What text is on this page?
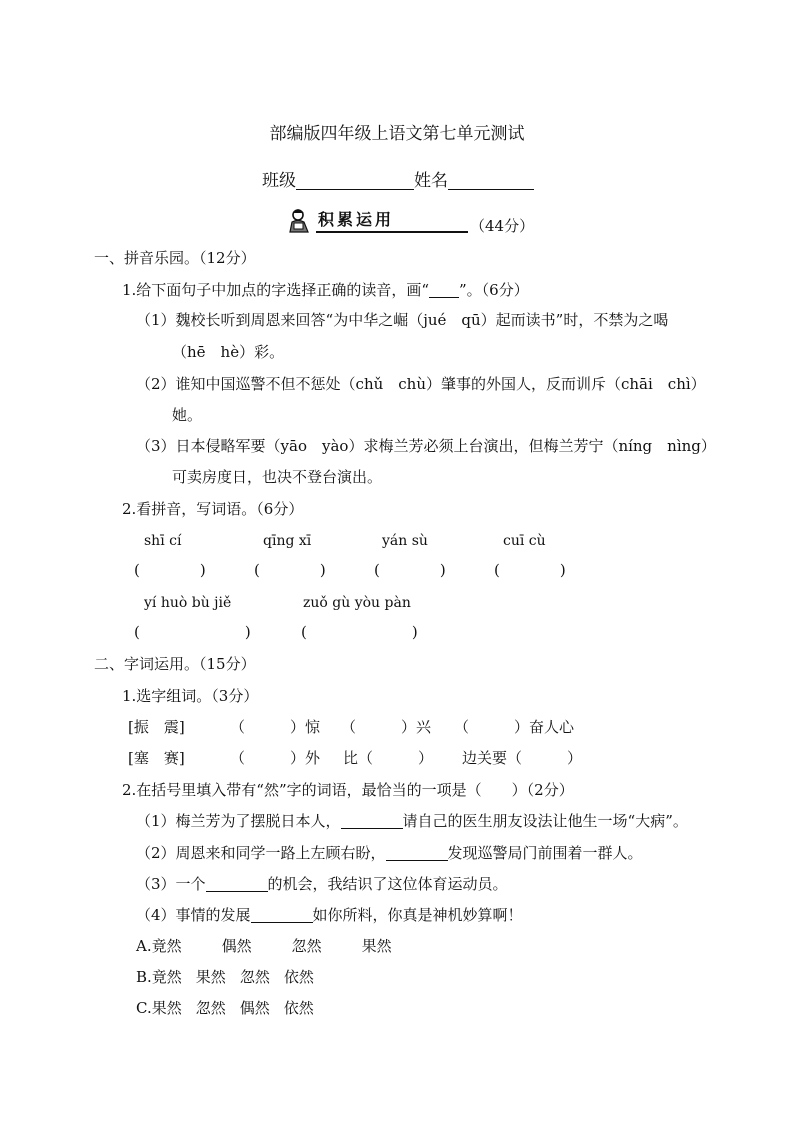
部编版四年级上语文第七单元测试
班级	姓名
积累运用	（44分）
一、拼音乐园。（12分）
1.给下面句子中加点的字选择正确的读音，画“ ”。（6分）
（1）魏校长听到周恩来回答“为中华之崛（jué　qū）起而读书”时，不禁为之喝
（hē　hè）彩。
（2）谁知中国巡警不但不惩处（chǔ　chù）肇事的外国人，反而训斥（chāi　chì）
她。
（3）日本侵略军要（yāo　yào）求梅兰芳必须上台演出，但梅兰芳宁（níng　nìng）
可卖房度日，也决不登台演出。
2.看拼音，写词语。（6分）
shī cí	qīng xī	yán sù	cuī cù
(　　　　)	(　　　　)	(　　　　)	(　　　　)
yí huò bù jiě	zuǒ gù yòu pàn
(　　　　　　　)	(　　　　　　　)
二、字词运用。（15分）
1.选字组词。（3分）
[振　震]	（　　　）惊 （　　　）兴 （　　　）奋人心
[塞　赛]	（　　　）外 比（　　　） 边关要（　　　）
2.在括号里填入带有“然”字的词语，最恰当的一项是（　　）（2分）
（1）梅兰芳为了摆脱日本人，	请自己的医生朋友设法让他生一场“大病”。
（2）周恩来和同学一路上左顾右盼，	发现巡警局门前围着一群人。
（3）一个	的机会，我结识了这位体育运动员。
（4）事情的发展	如你所料，你真是神机妙算啊！
A.竟然	偶然	忽然	果然
B.竟然 果然 忽然 依然
C.果然 忽然 偶然 依然
